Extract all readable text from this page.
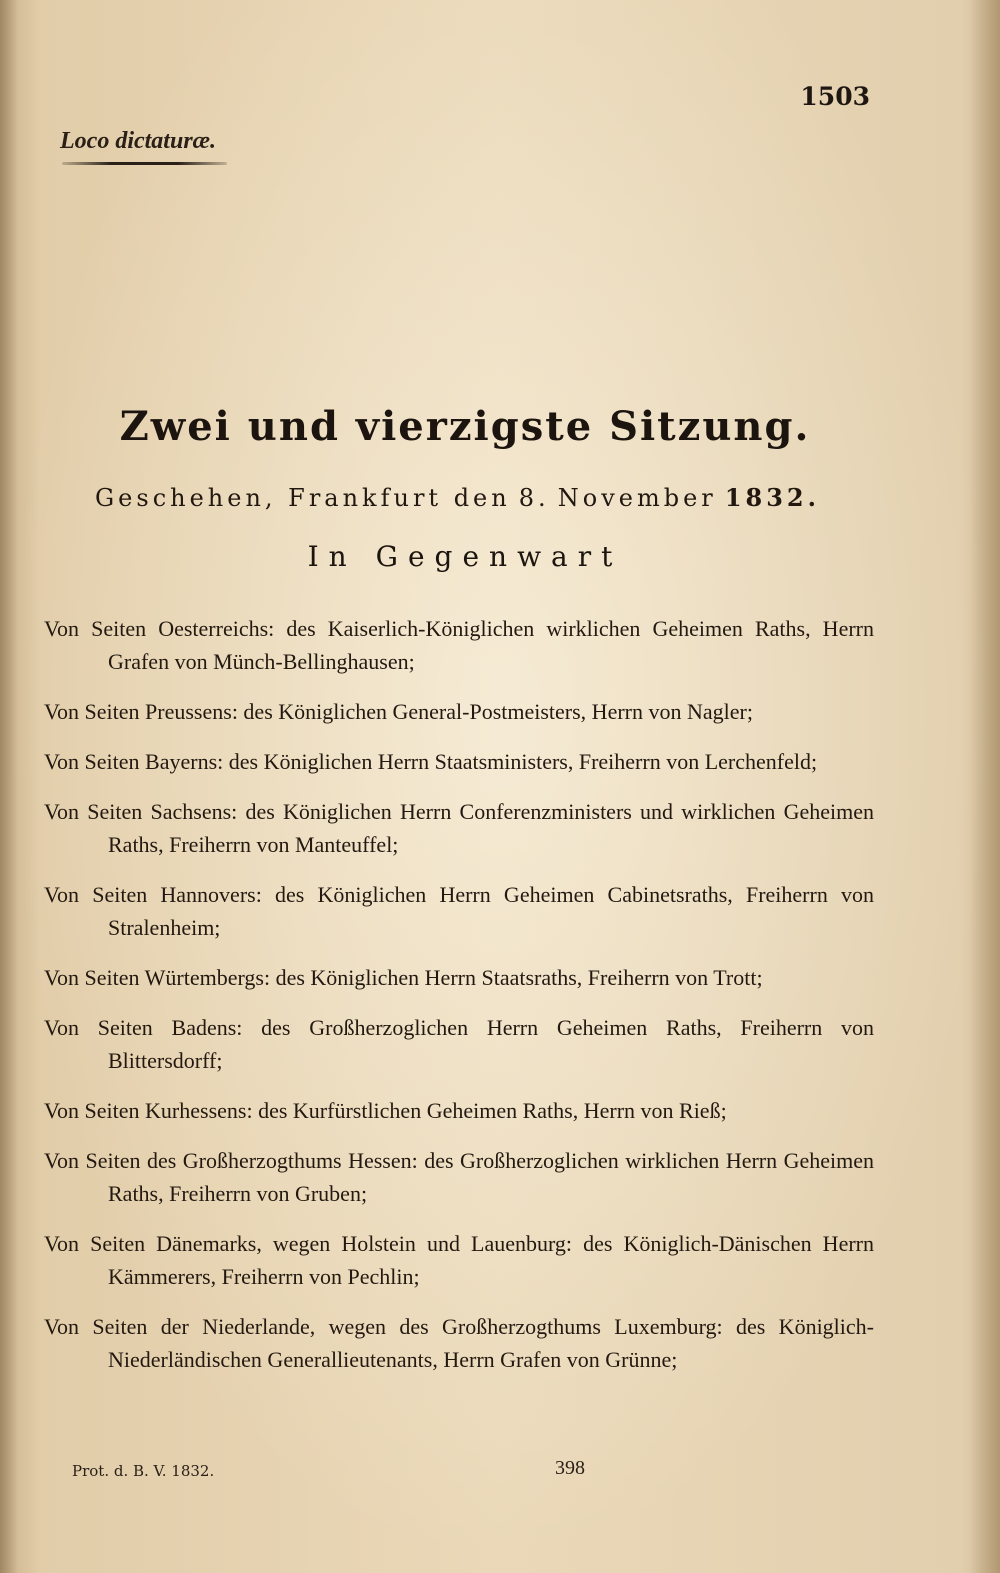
1503
Loco dictaturæ.
Zwei und vierzigste Sitzung.
Geschehen, Frankfurt den 8. November 1832.
In Gegenwart

Von Seiten Oesterreichs: des Kaiserlich-Königlichen wirklichen Geheimen Raths, Herrn Grafen von Münch-Bellinghausen;

Von Seiten Preussens: des Königlichen General-Postmeisters, Herrn von Nagler;

Von Seiten Bayerns: des Königlichen Herrn Staatsministers, Freiherrn von Lerchenfeld;

Von Seiten Sachsens: des Königlichen Herrn Conferenzministers und wirklichen Geheimen Raths, Freiherrn von Manteuffel;

Von Seiten Hannovers: des Königlichen Herrn Geheimen Cabinetsraths, Freiherrn von Stralenheim;

Von Seiten Würtembergs: des Königlichen Herrn Staatsraths, Freiherrn von Trott;

Von Seiten Badens: des Großherzoglichen Herrn Geheimen Raths, Freiherrn von Blittersdorff;

Von Seiten Kurhessens: des Kurfürstlichen Geheimen Raths, Herrn von Rieß;

Von Seiten des Großherzogthums Hessen: des Großherzoglichen wirklichen Herrn Geheimen Raths, Freiherrn von Gruben;

Von Seiten Dänemarks, wegen Holstein und Lauenburg: des Königlich-Dänischen Herrn Kämmerers, Freiherrn von Pechlin;

Von Seiten der Niederlande, wegen des Großherzogthums Luxemburg: des Königlich-Niederländischen Generallieutenants, Herrn Grafen von Grünne;

Prot. d. B. V. 1832.	398
